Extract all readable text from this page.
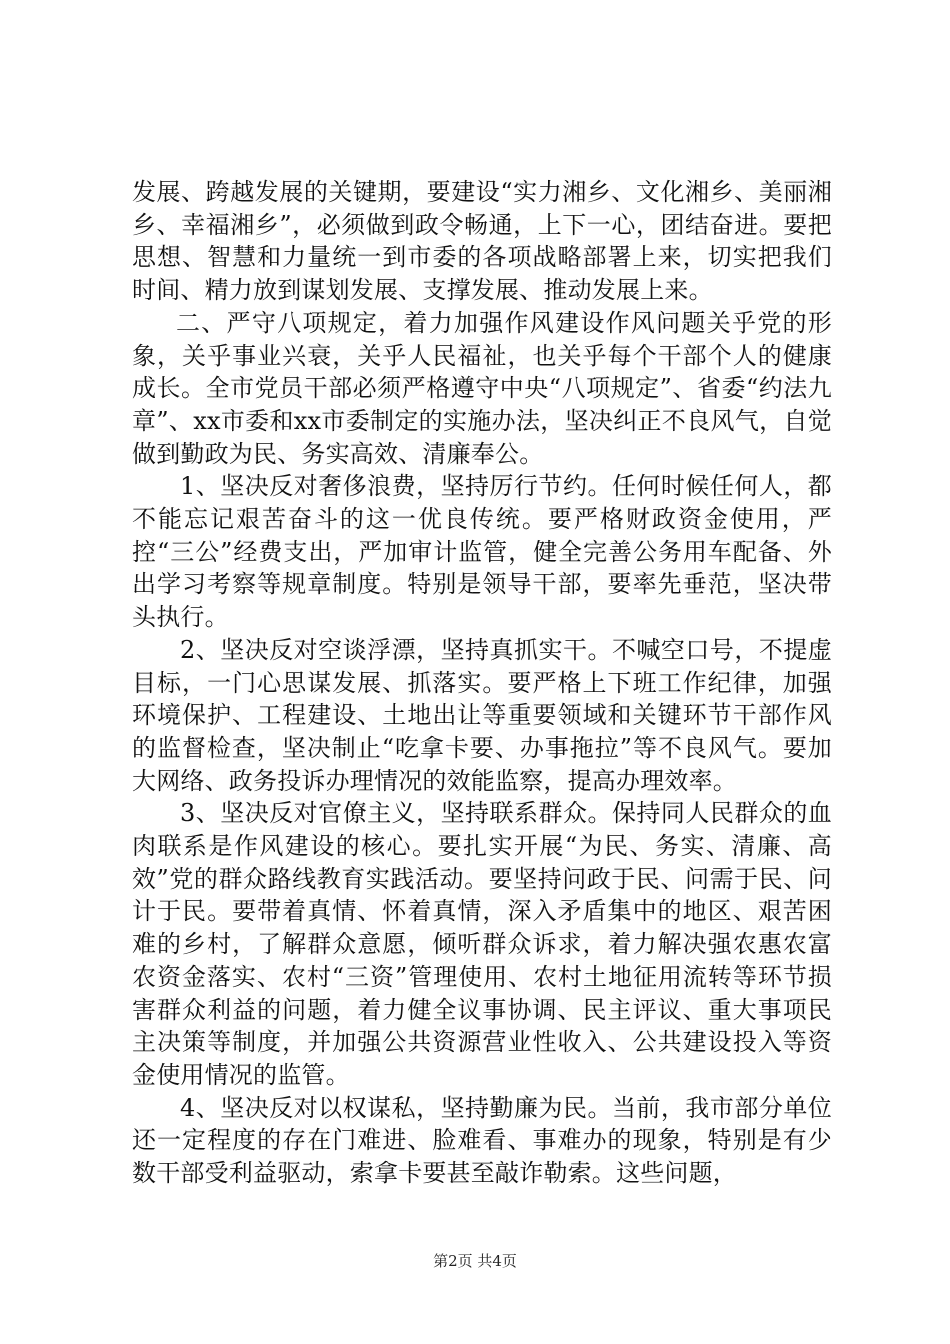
发展、跨越发展的关键期，要建设“实力湘乡、文化湘乡、美丽湘乡、幸福湘乡”，必须做到政令畅通，上下一心，团结奋进。要把思想、智慧和力量统一到市委的各项战略部署上来，切实把我们时间、精力放到谋划发展、支撑发展、推动发展上来。

二、严守八项规定，着力加强作风建设作风问题关乎党的形象，关乎事业兴衰，关乎人民福祉，也关乎每个干部个人的健康成长。全市党员干部必须严格遵守中央“八项规定”、省委“约法九章”、xx市委和xx市委制定的实施办法，坚决纠正不良风气，自觉做到勤政为民、务实高效、清廉奉公。

1、坚决反对奢侈浪费，坚持厉行节约。任何时候任何人，都不能忘记艰苦奋斗的这一优良传统。要严格财政资金使用，严控“三公”经费支出，严加审计监管，健全完善公务用车配备、外出学习考察等规章制度。特别是领导干部，要率先垂范，坚决带头执行。

2、坚决反对空谈浮漂，坚持真抓实干。不喊空口号，不提虚目标，一门心思谋发展、抓落实。要严格上下班工作纪律，加强环境保护、工程建设、土地出让等重要领域和关键环节干部作风的监督检查，坚决制止“吃拿卡要、办事拖拉”等不良风气。要加大网络、政务投诉办理情况的效能监察，提高办理效率。

3、坚决反对官僚主义，坚持联系群众。保持同人民群众的血肉联系是作风建设的核心。要扎实开展“为民、务实、清廉、高效”党的群众路线教育实践活动。要坚持问政于民、问需于民、问计于民。要带着真情、怀着真情，深入矛盾集中的地区、艰苦困难的乡村，了解群众意愿，倾听群众诉求，着力解决强农惠农富农资金落实、农村“三资”管理使用、农村土地征用流转等环节损害群众利益的问题，着力健全议事协调、民主评议、重大事项民主决策等制度，并加强公共资源营业性收入、公共建设投入等资金使用情况的监管。

4、坚决反对以权谋私，坚持勤廉为民。当前，我市部分单位还一定程度的存在门难进、脸难看、事难办的现象，特别是有少数干部受利益驱动，索拿卡要甚至敲诈勒索。这些问题，

第2页 共4页
